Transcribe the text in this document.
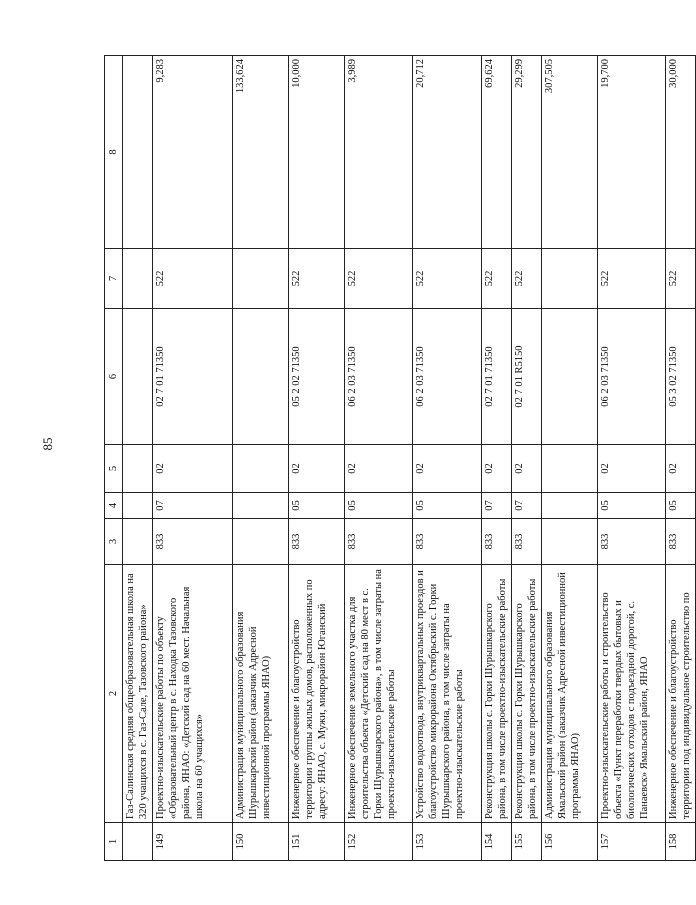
85
1	2	3	4	5	6	7	8
	Газ-Салинская средняя общеобразовательная школа на 320 учащихся в с. Газ-Сале, Тазовского района»						
149	Проектно-изыскательские работы по объекту «Образовательный центр в с. Находка Тазовского района, ЯНАО: «Детский сад на 60 мест. Начальная школа на 60 учащихся»	833	07	02	02 7 01 71350	522	9,283
150	Администрация муниципального образования Шурышкарский район (заказчик Адресной инвестиционной программы ЯНАО)						133,624
151	Инженерное обеспечение и благоустройство территории группы жилых домов, расположенных по адресу: ЯНАО, с. Мужи, микрорайон Юганский	833	05	02	05 2 02 71350	522	10,000
152	Инженерное обеспечение земельного участка для строительства объекта «Детский сад на 80 мест в с. Горки Шурышкарского района», в том числе затраты на проектно-изыскательские работы	833	05	02	06 2 03 71350	522	3,989
153	Устройство водоотвода, внутриквартальных проездов и благоустройство микрорайона Октябрьский с. Горки Шурышкарского района, в том числе затраты на проектно-изыскательские работы	833	05	02	06 2 03 71350	522	20,712
154	Реконструкция школы с. Горки Шурышкарского района, в том числе проектно-изыскательские работы	833	07	02	02 7 01 71350	522	69,624
155	Реконструкция школы с. Горки Шурышкарского района, в том числе проектно-изыскательские работы	833	07	02	02 7 01 R5150	522	29,299
156	Администрация муниципального образования Ямальский район (заказчик Адресной инвестиционной программы ЯНАО)						307,505
157	Проектно-изыскательские работы и строительство объекта «Пункт переработки твердых бытовых и биологических отходов с подъездной дорогой, с. Панаевск» Ямальский район, ЯНАО	833	05	02	06 2 03 71350	522	19,700
158	Инженерное обеспечение и благоустройство территории под индивидуальное строительство по	833	05	02	05 3 02 71350	522	30,000
